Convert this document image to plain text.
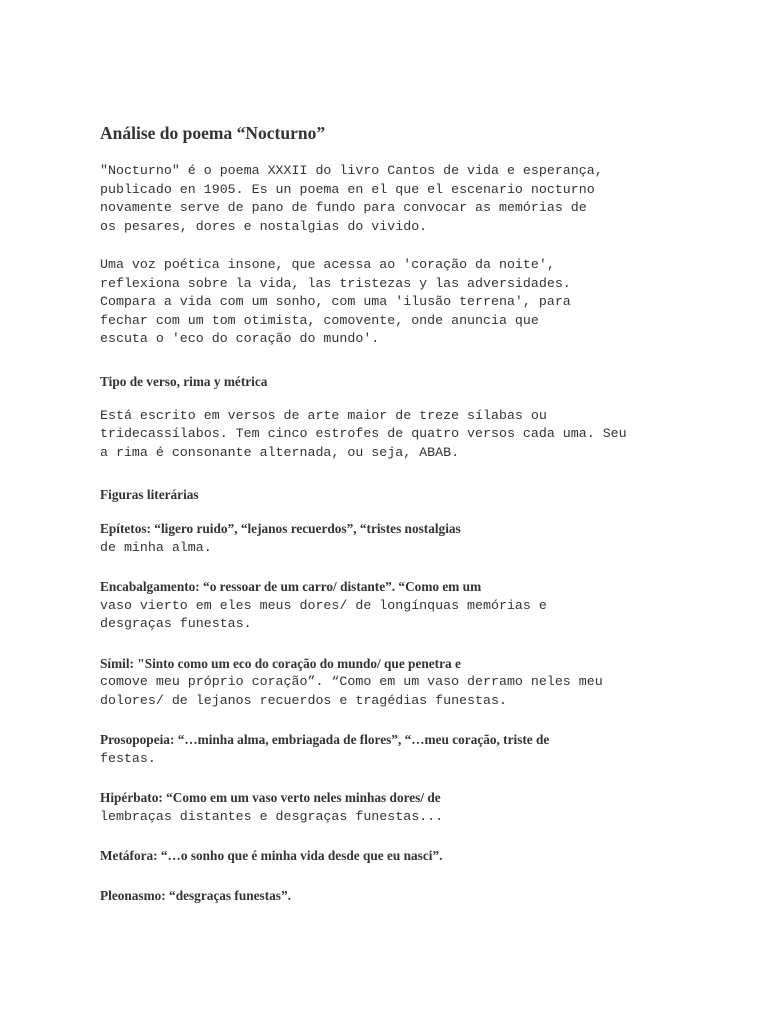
Análise do poema “Nocturno”
"Nocturno" é o poema XXXII do livro Cantos de vida e esperança,
publicado en 1905. Es un poema en el que el escenario nocturno
novamente serve de pano de fundo para convocar as memórias de
os pesares, dores e nostalgias do vivido.
Uma voz poética insone, que acessa ao 'coração da noite',
reflexiona sobre la vida, las tristezas y las adversidades.
Compara a vida com um sonho, com uma 'ilusão terrena', para
fechar com um tom otimista, comovente, onde anuncia que
escuta o 'eco do coração do mundo'.
Tipo de verso, rima y métrica
Está escrito em versos de arte maior de treze sílabas ou
tridecassílabos. Tem cinco estrofes de quatro versos cada uma. Seu
a rima é consonante alternada, ou seja, ABAB.
Figuras literárias
Epítetos: “ligero ruido”, “lejanos recuerdos”, “tristes nostalgias
de minha alma.
Encabalgamento: “o ressoar de um carro/ distante”. “Como em um
vaso vierto em eles meus dores/ de longínquas memórias e
desgraças funestas.
Símil: "Sinto como um eco do coração do mundo/ que penetra e
comove meu próprio coração”. “Como em um vaso derramo neles meu
dolores/ de lejanos recuerdos e tragédias funestas.
Prosopopeia: “…minha alma, embriagada de flores”, “…meu coração, triste de
festas.
Hipérbato: “Como em um vaso verto neles minhas dores/ de
lembraças distantes e desgraças funestas...
Metáfora: “…o sonho que é minha vida desde que eu nasci”.
Pleonasmo: “desgraças funestas”.
